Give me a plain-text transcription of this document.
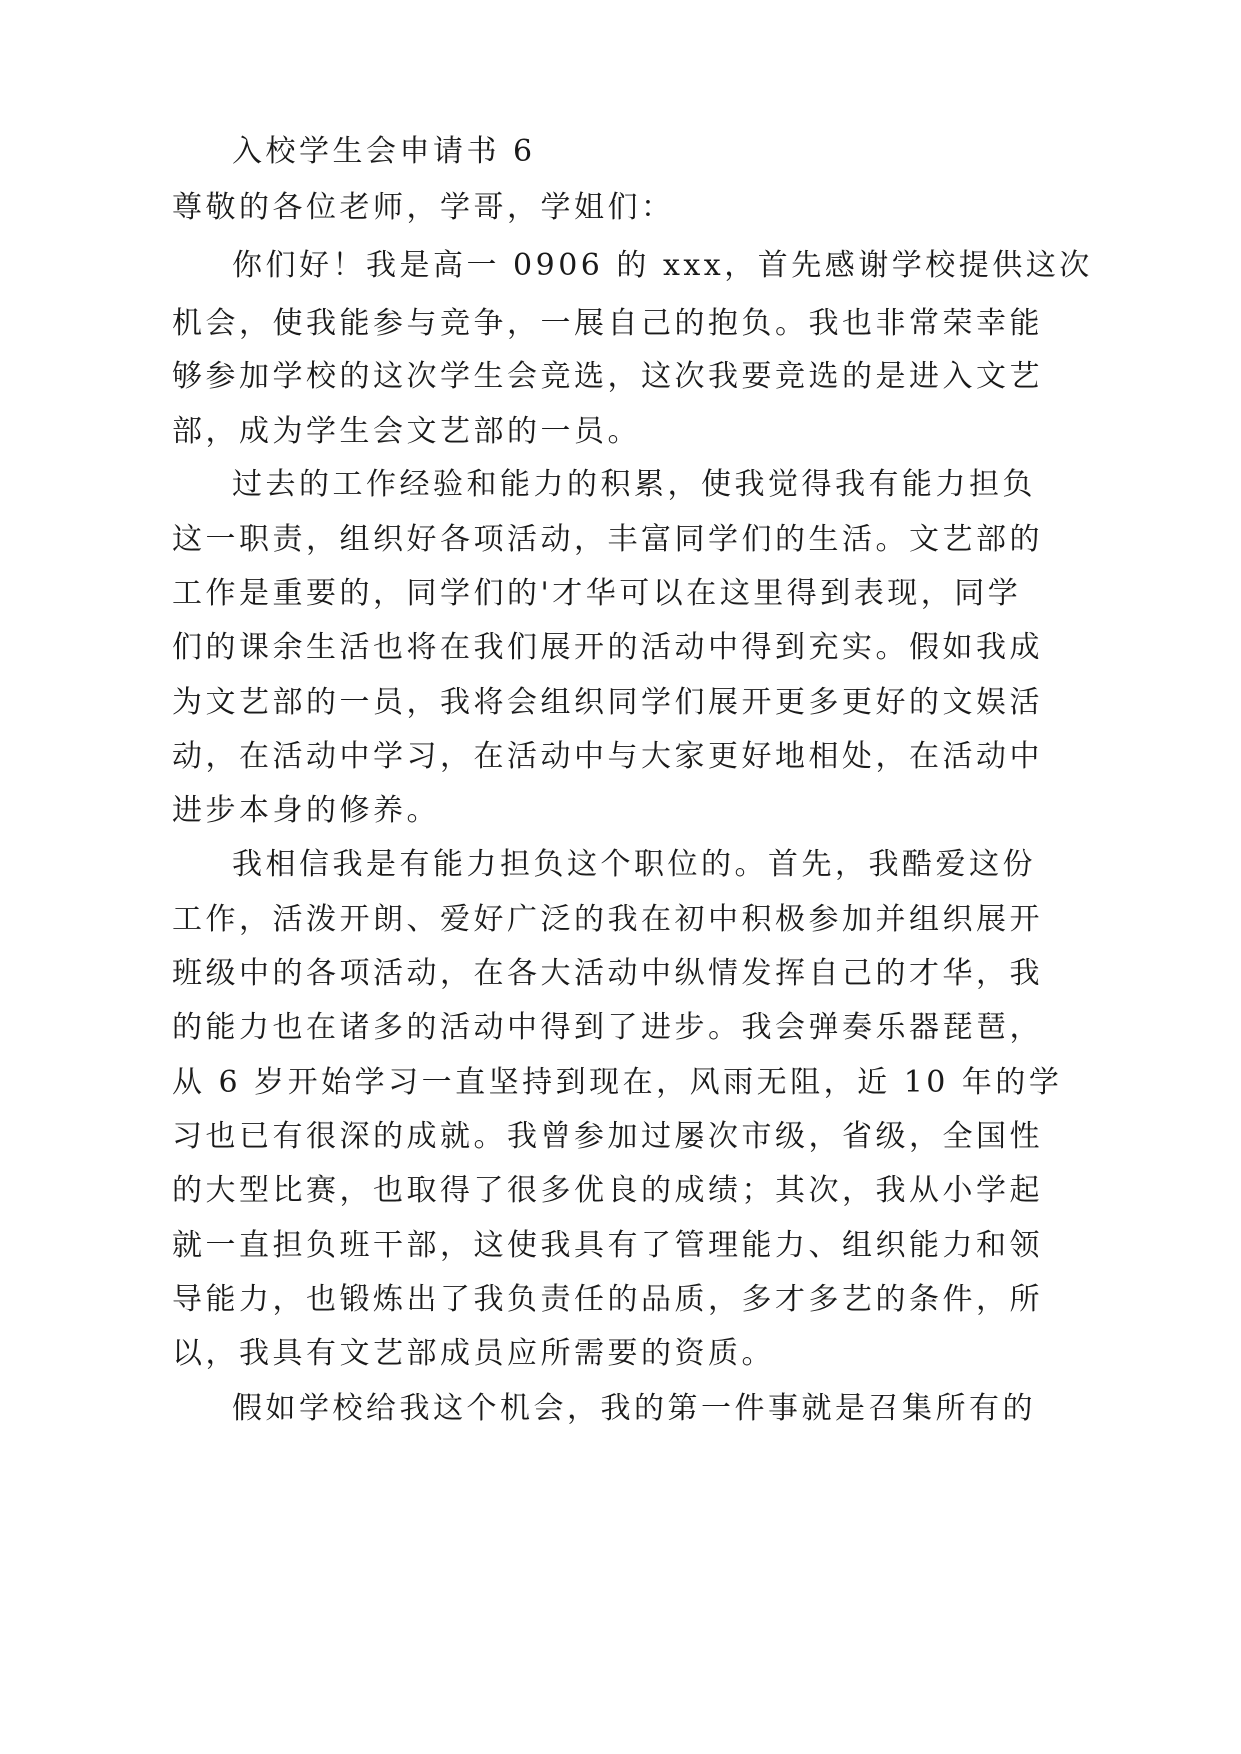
入校学生会申请书 6
尊敬的各位老师，学哥，学姐们：
你们好！我是高一 0906 的 xxx，首先感谢学校提供这次
机会，使我能参与竞争，一展自己的抱负。我也非常荣幸能
够参加学校的这次学生会竞选，这次我要竞选的是进入文艺
部，成为学生会文艺部的一员。
过去的工作经验和能力的积累，使我觉得我有能力担负
这一职责，组织好各项活动，丰富同学们的生活。文艺部的
工作是重要的，同学们的'才华可以在这里得到表现，同学
们的课余生活也将在我们展开的活动中得到充实。假如我成
为文艺部的一员，我将会组织同学们展开更多更好的文娱活
动，在活动中学习，在活动中与大家更好地相处，在活动中
进步本身的修养。
我相信我是有能力担负这个职位的。首先，我酷爱这份
工作，活泼开朗、爱好广泛的我在初中积极参加并组织展开
班级中的各项活动，在各大活动中纵情发挥自己的才华，我
的能力也在诸多的活动中得到了进步。我会弹奏乐器琵琶，
从 6 岁开始学习一直坚持到现在，风雨无阻，近 10 年的学
习也已有很深的成就。我曾参加过屡次市级，省级，全国性
的大型比赛，也取得了很多优良的成绩；其次，我从小学起
就一直担负班干部，这使我具有了管理能力、组织能力和领
导能力，也锻炼出了我负责任的品质，多才多艺的条件，所
以，我具有文艺部成员应所需要的资质。
假如学校给我这个机会，我的第一件事就是召集所有的
